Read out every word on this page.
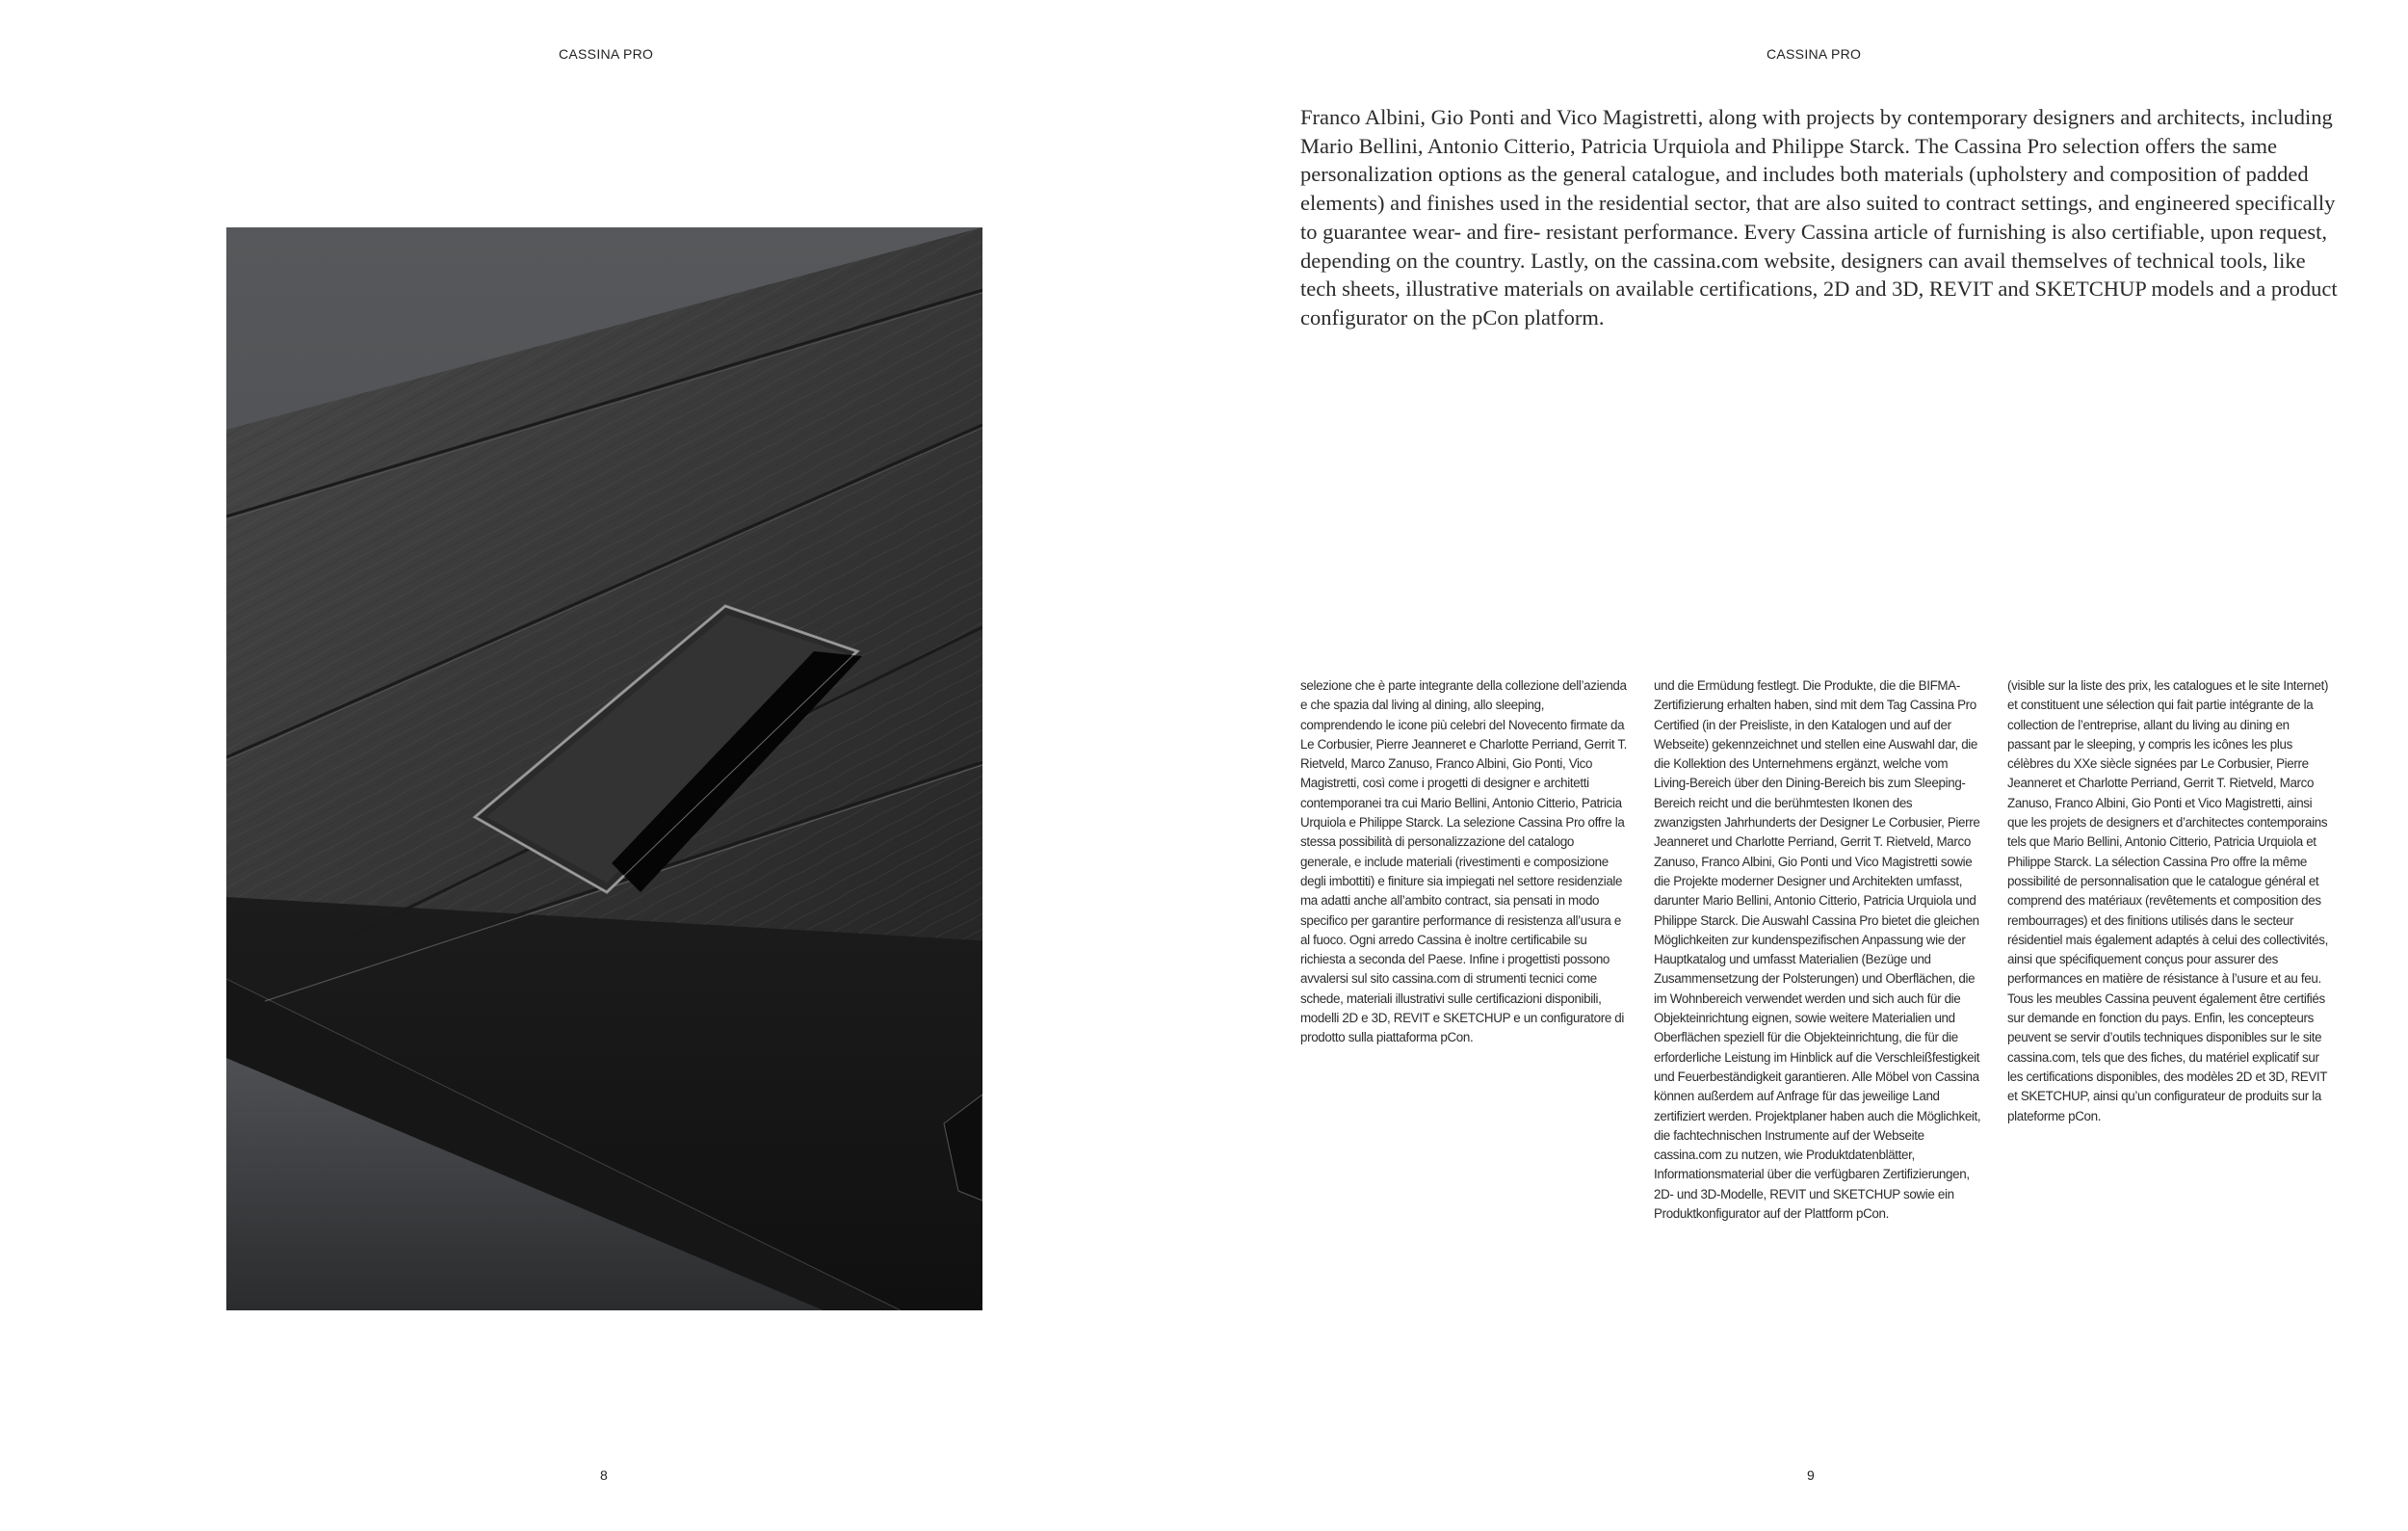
CASSINA PRO
8
CASSINA PRO

Franco Albini, Gio Ponti and Vico Magistretti, along with projects by contemporary designers and architects, including Mario Bellini, Antonio Citterio, Patricia Urquiola and Philippe Starck. The Cassina Pro selection offers the same personalization options as the general catalogue, and includes both materials (upholstery and composition of padded elements) and finishes used in the residential sector, that are also suited to contract settings, and engineered specifically to guarantee wear- and fire- resistant performance. Every Cassina article of furnishing is also certifiable, upon request, depending on the country. Lastly, on the cassina.com website, designers can avail themselves of technical tools, like tech sheets, illustrative materials on available certifications, 2D and 3D, REVIT and SKETCHUP models and a product configurator on the pCon platform.

selezione che è parte integrante della collezione dell’azienda e che spazia dal living al dining, allo sleeping, comprendendo le icone più celebri del Novecento firmate da Le Corbusier, Pierre Jeanneret e Charlotte Perriand, Gerrit T. Rietveld, Marco Zanuso, Franco Albini, Gio Ponti, Vico Magistretti, così come i progetti di designer e architetti contemporanei tra cui Mario Bellini, Antonio Citterio, Patricia Urquiola e Philippe Starck. La selezione Cassina Pro offre la stessa possibilità di personalizzazione del catalogo generale, e include materiali (rivestimenti e composizione degli imbottiti) e finiture sia impiegati nel settore residenziale ma adatti anche all’ambito contract, sia pensati in modo specifico per garantire performance di resistenza all’usura e al fuoco. Ogni arredo Cassina è inoltre certificabile su richiesta a seconda del Paese. Infine i progettisti possono avvalersi sul sito cassina.com di strumenti tecnici come schede, materiali illustrativi sulle certificazioni disponibili, modelli 2D e 3D, REVIT e SKETCHUP e un configuratore di prodotto sulla piattaforma pCon.

und die Ermüdung festlegt. Die Produkte, die die BIFMA-Zertifizierung erhalten haben, sind mit dem Tag Cassina Pro Certified (in der Preisliste, in den Katalogen und auf der Webseite) gekennzeichnet und stellen eine Auswahl dar, die die Kollektion des Unternehmens ergänzt, welche vom Living-Bereich über den Dining-Bereich bis zum Sleeping-Bereich reicht und die berühmtesten Ikonen des zwanzigsten Jahrhunderts der Designer Le Corbusier, Pierre Jeanneret und Charlotte Perriand, Gerrit T. Rietveld, Marco Zanuso, Franco Albini, Gio Ponti und Vico Magistretti sowie die Projekte moderner Designer und Architekten umfasst, darunter Mario Bellini, Antonio Citterio, Patricia Urquiola und Philippe Starck. Die Auswahl Cassina Pro bietet die gleichen Möglichkeiten zur kundenspezifischen Anpassung wie der Hauptkatalog und umfasst Materialien (Bezüge und Zusammensetzung der Polsterungen) und Oberflächen, die im Wohnbereich verwendet werden und sich auch für die Objekteinrichtung eignen, sowie weitere Materialien und Oberflächen speziell für die Objekteinrichtung, die für die erforderliche Leistung im Hinblick auf die Verschleißfestigkeit und Feuerbeständigkeit garantieren. Alle Möbel von Cassina können außerdem auf Anfrage für das jeweilige Land zertifiziert werden. Projektplaner haben auch die Möglichkeit, die fachtechnischen Instrumente auf der Webseite cassina.com zu nutzen, wie Produktdatenblätter, Informationsmaterial über die verfügbaren Zertifizierungen, 2D- und 3D-Modelle, REVIT und SKETCHUP sowie ein Produktkonfigurator auf der Plattform pCon.

(visible sur la liste des prix, les catalogues et le site Internet) et constituent une sélection qui fait partie intégrante de la collection de l’entreprise, allant du living au dining en passant par le sleeping, y compris les icônes les plus célèbres du XXe siècle signées par Le Corbusier, Pierre Jeanneret et Charlotte Perriand, Gerrit T. Rietveld, Marco Zanuso, Franco Albini, Gio Ponti et Vico Magistretti, ainsi que les projets de designers et d’architectes contemporains tels que Mario Bellini, Antonio Citterio, Patricia Urquiola et Philippe Starck. La sélection Cassina Pro offre la même possibilité de personnalisation que le catalogue général et comprend des matériaux (revêtements et composition des rembourrages) et des finitions utilisés dans le secteur résidentiel mais également adaptés à celui des collectivités, ainsi que spécifiquement conçus pour assurer des performances en matière de résistance à l’usure et au feu. Tous les meubles Cassina peuvent également être certifiés sur demande en fonction du pays. Enfin, les concepteurs peuvent se servir d’outils techniques disponibles sur le site cassina.com, tels que des fiches, du matériel explicatif sur les certifications disponibles, des modèles 2D et 3D, REVIT et SKETCHUP, ainsi qu’un configurateur de produits sur la plateforme pCon.

9
